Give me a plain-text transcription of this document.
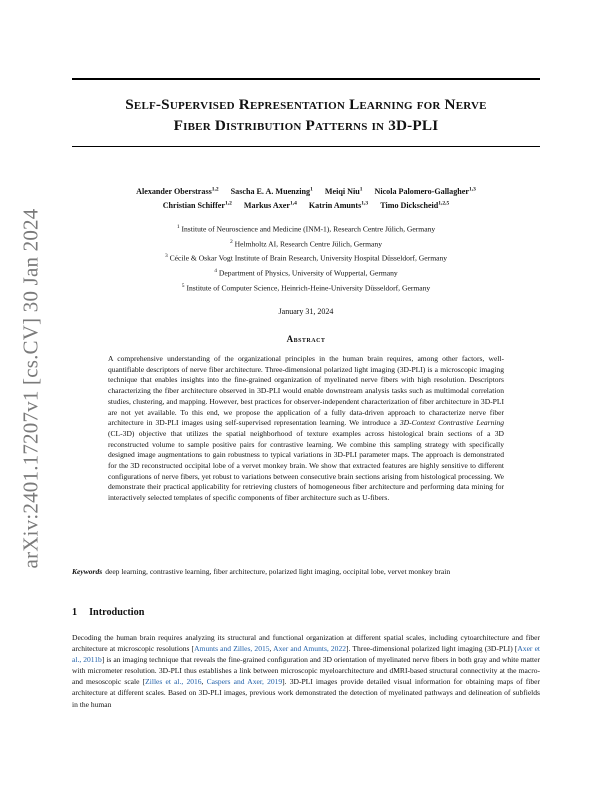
arXiv:2401.17207v1 [cs.CV] 30 Jan 2024
Self-Supervised Representation Learning for Nerve
Fiber Distribution Patterns in 3D-PLI
Alexander Oberstrass$^{1,2}$ Sascha E. A. Muenzing$^1$ Meiqi Niu$^1$ Nicola Palomero-Gallagher$^{1,3}$
Christian Schiffer$^{1,2}$ Markus Axer$^{1,4}$ Katrin Amunts$^{1,3}$ Timo Dickscheid$^{1,2,5}$
$^1$ Institute of Neuroscience and Medicine (INM-1), Research Centre Jülich, Germany
$^2$ Helmholtz AI, Research Centre Jülich, Germany
$^3$ Cécile & Oskar Vogt Institute of Brain Research, University Hospital Düsseldorf, Germany
$^4$ Department of Physics, University of Wuppertal, Germany
$^5$ Institute of Computer Science, Heinrich-Heine-University Düsseldorf, Germany
January 31, 2024
Abstract
A comprehensive understanding of the organizational principles in the human brain requires, among other factors, well-quantifiable descriptors of nerve fiber architecture. Three-dimensional polarized light imaging (3D-PLI) is a microscopic imaging technique that enables insights into the fine-grained organization of myelinated nerve fibers with high resolution. Descriptors characterizing the fiber architecture observed in 3D-PLI would enable downstream analysis tasks such as multimodal correlation studies, clustering, and mapping. However, best practices for observer-independent characterization of fiber architecture in 3D-PLI are not yet available. To this end, we propose the application of a fully data-driven approach to characterize nerve fiber architecture in 3D-PLI images using self-supervised representation learning. We introduce a 3D-Context Contrastive Learning (CL-3D) objective that utilizes the spatial neighborhood of texture examples across histological brain sections of a 3D reconstructed volume to sample positive pairs for contrastive learning. We combine this sampling strategy with specifically designed image augmentations to gain robustness to typical variations in 3D-PLI parameter maps. The approach is demonstrated for the 3D reconstructed occipital lobe of a vervet monkey brain. We show that extracted features are highly sensitive to different configurations of nerve fibers, yet robust to variations between consecutive brain sections arising from histological processing. We demonstrate their practical applicability for retrieving clusters of homogeneous fiber architecture and performing data mining for interactively selected templates of specific components of fiber architecture such as U-fibers.
Keywords deep learning, contrastive learning, fiber architecture, polarized light imaging, occipital lobe, vervet monkey brain
1 Introduction
Decoding the human brain requires analyzing its structural and functional organization at different spatial scales, including cytoarchitecture and fiber architecture at microscopic resolutions [Amunts and Zilles, 2015, Axer and Amunts, 2022]. Three-dimensional polarized light imaging (3D-PLI) [Axer et al., 2011b] is an imaging technique that reveals the fine-grained configuration and 3D orientation of myelinated nerve fibers in both gray and white matter with micrometer resolution. 3D-PLI thus establishes a link between microscopic myeloarchitecture and dMRI-based structural connectivity at the macro- and mesoscopic scale [Zilles et al., 2016, Caspers and Axer, 2019]. 3D-PLI images provide detailed visual information for obtaining maps of fiber architecture at different scales. Based on 3D-PLI images, previous work demonstrated the detection of myelinated pathways and delineation of subfields in the human
